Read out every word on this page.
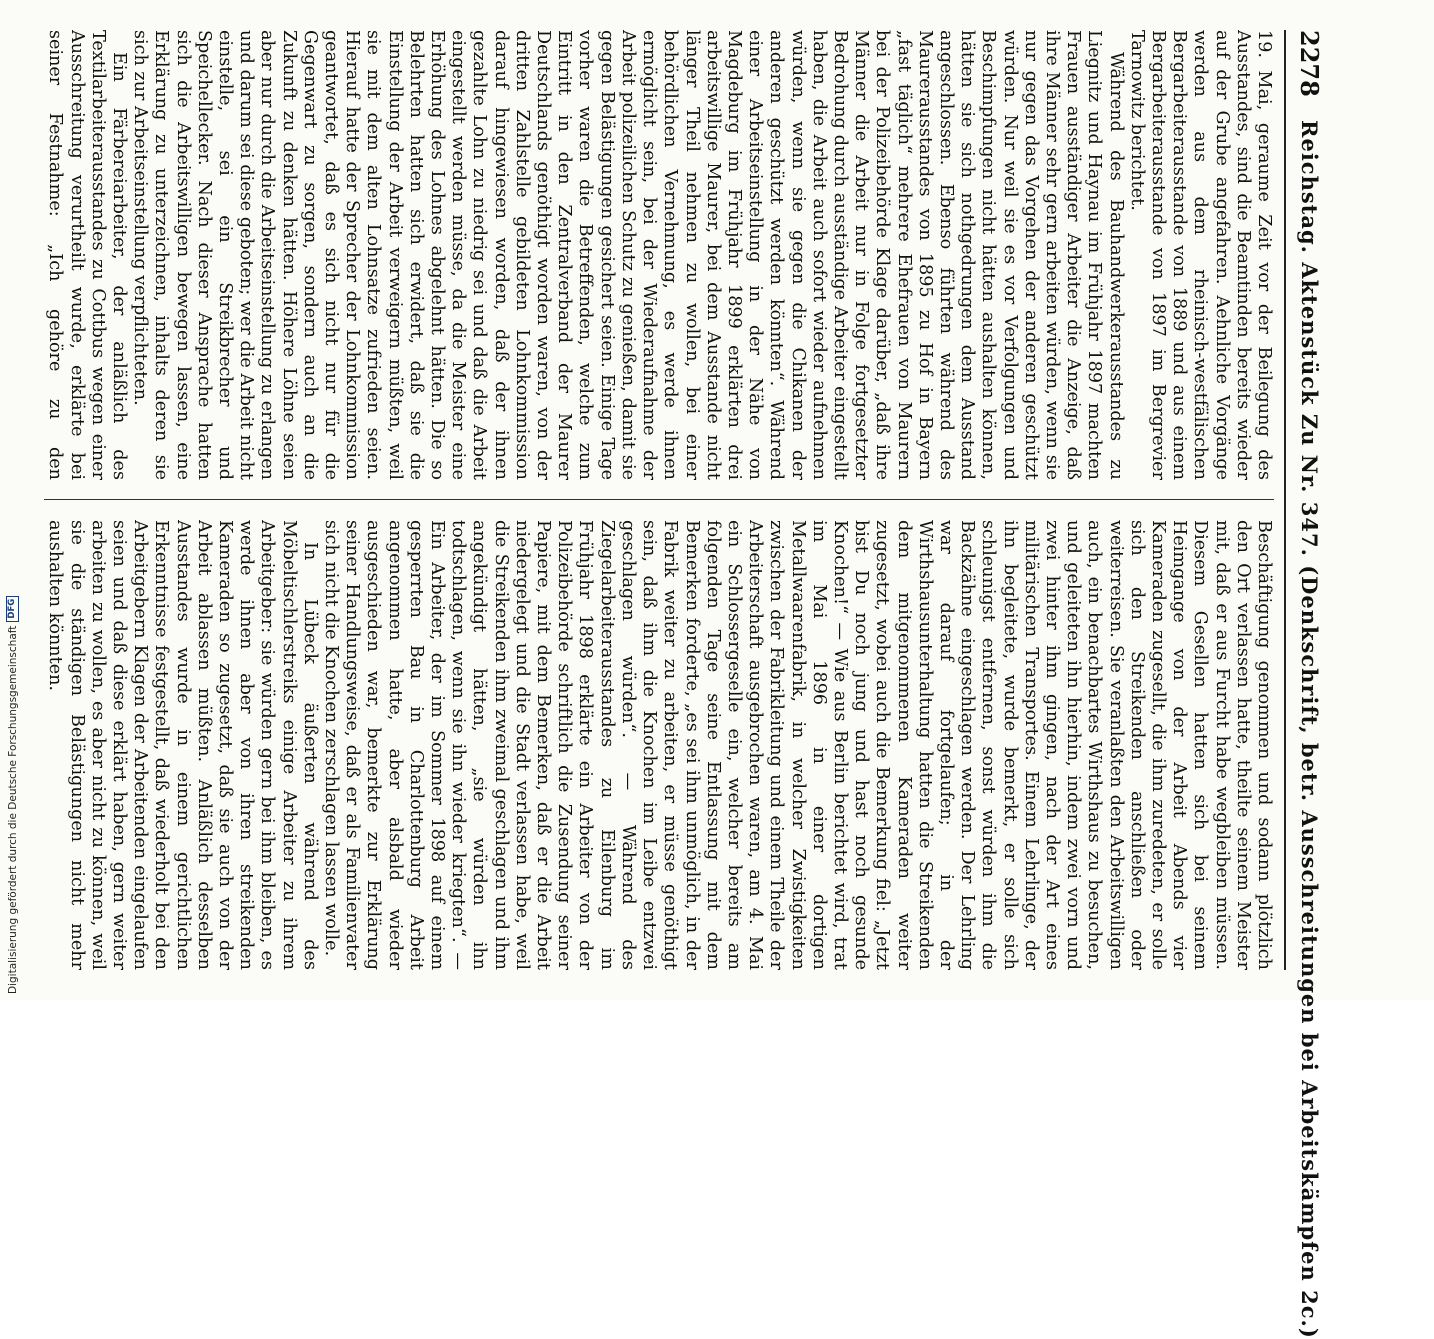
2278
Reichstag. Aktenstück Zu Nr. 347. (Denkschrift, betr. Ausschreitungen bei Arbeitskämpfen 2c.)

19. Mai, geraume Zeit vor der Beilegung des Ausstandes, sind die Beamtinden bereits wieder auf der Grube angefahren. Aehnliche Vorgänge werden aus dem rheinisch-westfälischen Bergarbeiterausstande von 1889 und aus einem Bergarbeiterausstande von 1897 im Bergrevier Tarnowitz berichtet.

Während des Bauhandwerkerausstandes zu Liegnitz und Haynau im Frühjahr 1897 machten Frauen ausständiger Arbeiter die Anzeige, daß ihre Männer sehr gern arbeiten würden, wenn sie nur gegen das Vorgehen der anderen geschützt würden. Nur weil sie es vor Verfolgungen und Beschimpfungen nicht hätten aushalten können, hätten sie sich nothgedrungen dem Ausstand angeschlossen. Ebenso führten während des Maurerausstandes von 1895 zu Hof in Bayern „fast täglich“ mehrere Ehefrauen von Maurern bei der Polizeibehörde Klage darüber, „daß ihre Männer die Arbeit nur in Folge fortgesetzter Bedrohung durch ausständige Arbeiter eingestellt haben, die Arbeit auch sofort wieder aufnehmen würden, wenn sie gegen die Chikanen der anderen geschützt werden könnten“. Während einer Arbeitseinstellung in der Nähe von Magdeburg im Frühjahr 1899 erklärten drei arbeitswillige Maurer, bei dem Ausstande nicht länger Theil nehmen zu wollen, bei einer behördlichen Vernehmung, es werde ihnen ermöglicht sein, bei der Wiederaufnahme der Arbeit polizeilichen Schutz zu genießen, damit sie gegen Belästigungen gesichert seien. Einige Tage vorher waren die Betreffenden, welche zum Eintritt in den Zentralverband der Maurer Deutschlands genöthigt worden waren, von der dritten Zahlstelle gebildeten Lohnkommission darauf hingewiesen worden, daß der ihnen gezahlte Lohn zu niedrig sei und daß die Arbeit eingestellt werden müsse, da die Meister eine Erhöhung des Lohnes abgelehnt hätten. Die so Belehrten hatten sich erwidert, daß sie die Einstellung der Arbeit verweigern müßten, weil sie mit dem alten Lohnsatze zufrieden seien. Hierauf hatte der Sprecher der Lohnkommission geantwortet, daß es sich nicht nur für die Gegenwart zu sorgen, sondern auch an die Zukunft zu denken hätten. Höhere Löhne seien aber nur durch die Arbeitseinstellung zu erlangen und darum sei diese geboten; wer die Arbeit nicht einstelle, sei ein Streikbrecher und Speichellecker. Nach dieser Ansprache hatten sich die Arbeitswilligen bewegen lassen, eine Erklärung zu unterzeichnen, inhalts deren sie sich zur Arbeitseinstellung verpflichteten.

Ein Färbereiarbeiter, der anläßlich des Textilarbeiterausstandes zu Cottbus wegen einer Ausschreitung verurtheilt wurde, erklärte bei seiner Festnahme: „Ich gehöre zu den

Beschäftigung genommen und sodann plötzlich den Ort verlassen hatte, theilte seinem Meister mit, daß er aus Furcht habe wegbleiben müssen. Diesem Gesellen hatten sich bei seinem Heimgange von der Arbeit Abends vier Kameraden zugesellt, die ihm zuredeten, er solle sich den Streikenden anschließen oder weiterreisen. Sie veranlaßten den Arbeitswilligen auch, ein benachbartes Wirthshaus zu besuchen, und geleiteten ihn hierhin, indem zwei vorn und zwei hinter ihm gingen, nach der Art eines militärischen Transportes. Einem Lehrlinge, der ihn begleitete, wurde bemerkt, er solle sich schleunigst entfernen, sonst würden ihm die Backzähne eingeschlagen werden. Der Lehrling war darauf fortgelaufen; in der Wirthshausunterhaltung hatten die Streikenden dem mitgenommenen Kameraden weiter zugesetzt, wobei auch die Bemerkung fiel: „Jetzt bist Du noch jung und hast noch gesunde Knochen!“ — Wie aus Berlin berichtet wird, trat im Mai 1896 in einer dortigen Metallwaarenfabrik, in welcher Zwistigkeiten zwischen der Fabrikleitung und einem Theile der Arbeiterschaft ausgebrochen waren, am 4. Mai ein Schlossergeselle ein, welcher bereits am folgenden Tage seine Entlassung mit dem Bemerken forderte, „es sei ihm unmöglich, in der Fabrik weiter zu arbeiten, er müsse genöthigt sein, daß ihm die Knochen im Leibe entzwei geschlagen würden“. — Während des Ziegelarbeiterausstandes zu Eilenburg im Frühjahr 1898 erklärte ein Arbeiter von der Polizeibehörde schriftlich die Zusendung seiner Papiere, mit dem Bemerken, daß er die Arbeit niedergelegt und die Stadt verlassen habe, weil die Streikenden ihm zweimal geschlagen und ihm angekündigt hätten, „sie würden ihn todtschlagen, wenn sie ihn wieder kriegten“. — Ein Arbeiter, der im Sommer 1898 auf einem gesperrten Bau in Charlottenburg Arbeit angenommen hatte, aber alsbald wieder ausgeschieden war, bemerkte zur Erklärung seiner Handlungsweise, daß er als Familienvater sich nicht die Knochen zerschlagen lassen wolle.

In Lübeck äußerten während des Möbeltischlerstreiks einige Arbeiter zu ihrem Arbeitgeber: sie würden gern bei ihm bleiben, es werde ihnen aber von ihren streikenden Kameraden so zugesetzt, daß sie auch von der Arbeit ablassen müßten. Anläßlich desselben Ausstandes wurde in einem gerichtlichen Erkenntnisse festgestellt, daß wiederholt bei den Arbeitgebern Klagen der Arbeitenden eingelaufen seien und daß diese erklärt haben, gern weiter arbeiten zu wollen, es aber nicht zu können, weil sie die ständigen Belästigungen nicht mehr aushalten könnten.

Digitalisierung gefördert durch die Deutsche Forschungsgemeinschaft
DFG
